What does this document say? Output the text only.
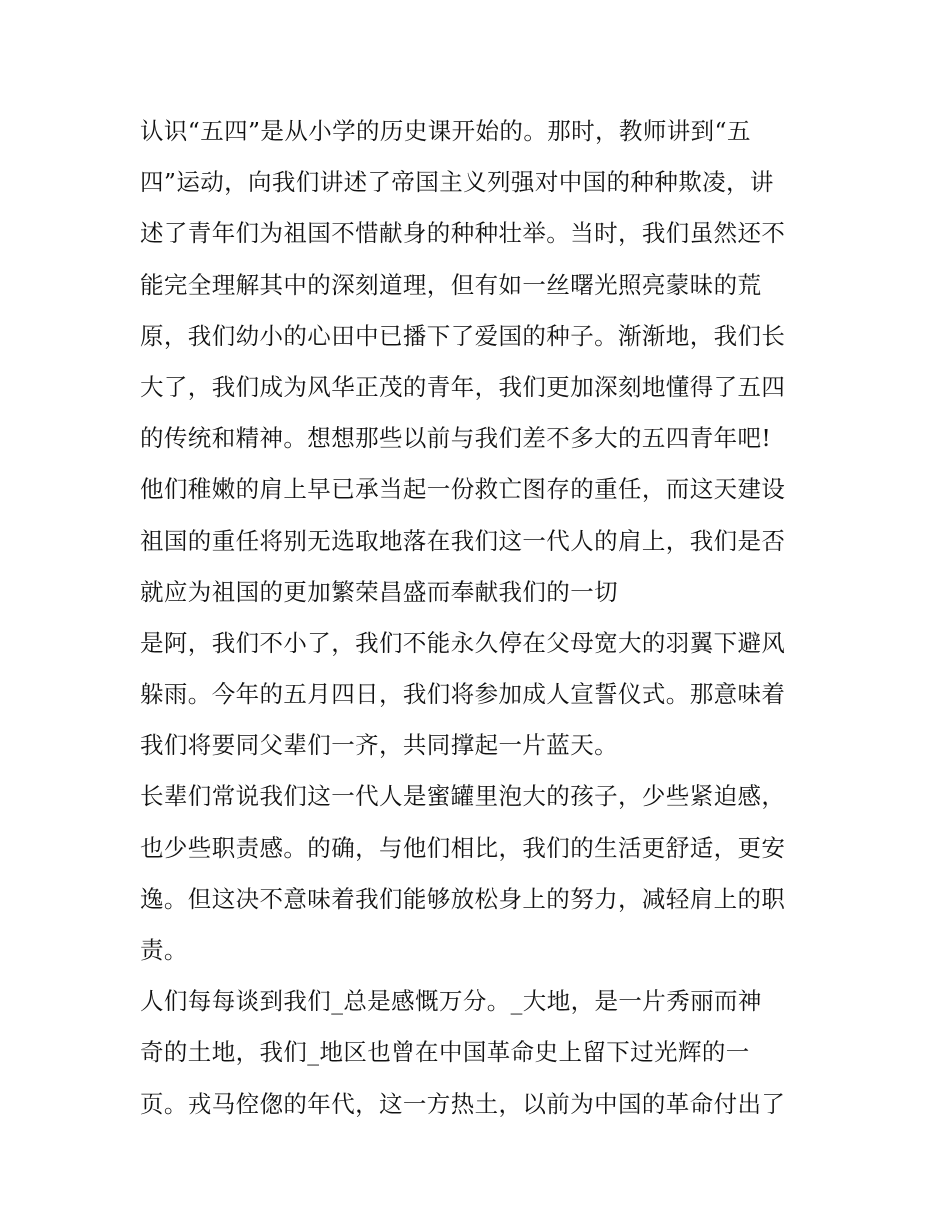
认识“五四”是从小学的历史课开始的。那时，教师讲到“五
四”运动，向我们讲述了帝国主义列强对中国的种种欺凌，讲
述了青年们为祖国不惜献身的种种壮举。当时，我们虽然还不
能完全理解其中的深刻道理，但有如一丝曙光照亮蒙昧的荒
原，我们幼小的心田中已播下了爱国的种子。渐渐地，我们长
大了，我们成为风华正茂的青年，我们更加深刻地懂得了五四
的传统和精神。想想那些以前与我们差不多大的五四青年吧!
他们稚嫩的肩上早已承当起一份救亡图存的重任，而这天建设
祖国的重任将别无选取地落在我们这一代人的肩上，我们是否
就应为祖国的更加繁荣昌盛而奉献我们的一切
是阿，我们不小了，我们不能永久停在父母宽大的羽翼下避风
躲雨。今年的五月四日，我们将参加成人宣誓仪式。那意味着
我们将要同父辈们一齐，共同撑起一片蓝天。
长辈们常说我们这一代人是蜜罐里泡大的孩子，少些紧迫感，
也少些职责感。的确，与他们相比，我们的生活更舒适，更安
逸。但这决不意味着我们能够放松身上的努力，减轻肩上的职
责。
人们每每谈到我们_总是感慨万分。_大地，是一片秀丽而神
奇的土地，我们_地区也曾在中国革命史上留下过光辉的一
页。戎马倥偬的年代，这一方热土，以前为中国的革命付出了
